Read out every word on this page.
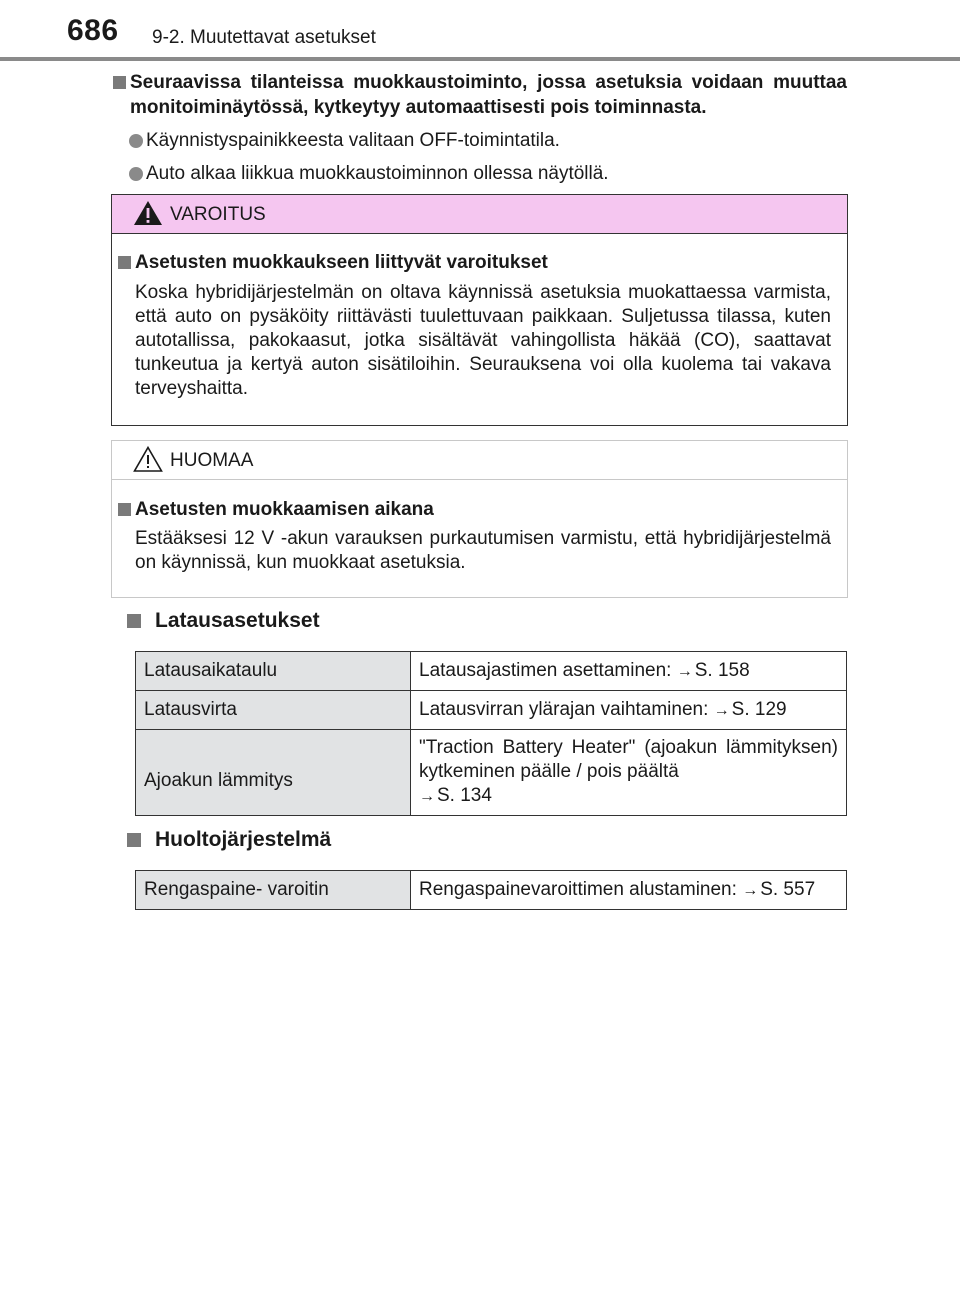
686 9-2. Muutettavat asetukset
Seuraavissa tilanteissa muokkaustoiminto, jossa asetuksia voidaan muuttaa monitoiminäytössä, kytkeytyy automaattisesti pois toiminnasta.
Käynnistyspainikkeesta valitaan OFF-toimintatila.
Auto alkaa liikkua muokkaustoiminnon ollessa näytöllä.
VAROITUS
Asetusten muokkaukseen liittyvät varoitukset
Koska hybridijärjestelmän on oltava käynnissä asetuksia muokattaessa varmista, että auto on pysäköity riittävästi tuulettuvaan paikkaan. Suljetussa tilassa, kuten autotallissa, pakokaasut, jotka sisältävät vahingollista häkää (CO), saattavat tunkeutua ja kertyä auton sisätiloihin. Seurauksena voi olla kuolema tai vakava terveyshaitta.
HUOMAA
Asetusten muokkaamisen aikana
Estääksesi 12 V -akun varauksen purkautumisen varmistu, että hybridijärjestelmä on käynnissä, kun muokkaat asetuksia.
Latausasetukset
Latausaikataulu	Latausajastimen asettaminen: → S. 158
Latausvirta	Latausvirran ylärajan vaihtaminen: → S. 129
Ajoakun lämmitys	"Traction Battery Heater" (ajoakun lämmityksen) kytkeminen päälle / pois päältä
→ S. 134
Huoltojärjestelmä
Rengaspaine- varoitin	Rengaspainevaroittimen alustaminen: → S. 557
